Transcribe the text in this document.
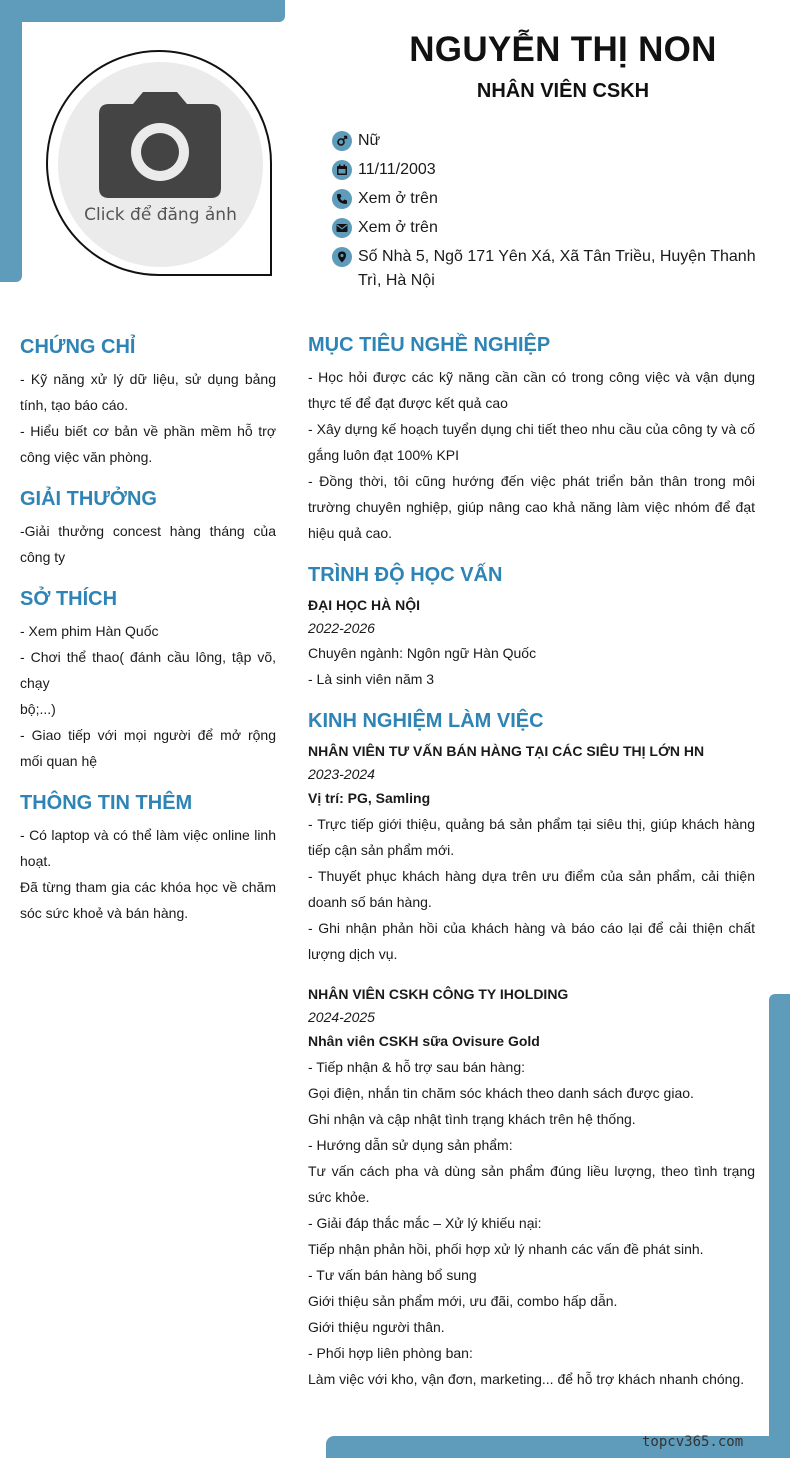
Click để đăng ảnh
NGUYỄN THỊ NON
NHÂN VIÊN CSKH
Nữ
11/11/2003
Xem ở trên
Xem ở trên
Số Nhà 5, Ngõ 171 Yên Xá, Xã Tân Triều, Huyện Thanh Trì, Hà Nội
CHỨNG CHỈ

- Kỹ năng xử lý dữ liệu, sử dụng bảng tính, tạo báo cáo.

- Hiểu biết cơ bản về phần mềm hỗ trợ công việc văn phòng.

GIẢI THƯỞNG

-Giải thưởng concest hàng tháng của công ty

SỞ THÍCH

- Xem phim Hàn Quốc

- Chơi thể thao( đánh cầu lông, tập võ, chạy

bộ;...)

- Giao tiếp với mọi người để mở rộng mối quan hệ

THÔNG TIN THÊM

- Có laptop và có thể làm việc online linh hoạt.

Đã từng tham gia các khóa học về chăm sóc sức khoẻ và bán hàng.

MỤC TIÊU NGHỀ NGHIỆP

- Học hỏi được các kỹ năng cần cần có trong công việc và vận dụng thực tế để đạt được kết quả cao

- Xây dựng kế hoạch tuyển dụng chi tiết theo nhu cầu của công ty và cố gắng luôn đạt 100% KPI

- Đồng thời, tôi cũng hướng đến việc phát triển bản thân trong môi trường chuyên nghiệp, giúp nâng cao khả năng làm việc nhóm để đạt hiệu quả cao.

TRÌNH ĐỘ HỌC VẤN

ĐẠI HỌC HÀ NỘI

2022-2026

Chuyên ngành: Ngôn ngữ Hàn Quốc

- Là sinh viên năm 3

KINH NGHIỆM LÀM VIỆC

NHÂN VIÊN TƯ VẤN BÁN HÀNG TẠI CÁC SIÊU THỊ LỚN HN

2023-2024

Vị trí: PG, Samling

- Trực tiếp giới thiệu, quảng bá sản phẩm tại siêu thị, giúp khách hàng tiếp cận sản phẩm mới.

- Thuyết phục khách hàng dựa trên ưu điểm của sản phẩm, cải thiện doanh số bán hàng.

- Ghi nhận phản hồi của khách hàng và báo cáo lại để cải thiện chất lượng dịch vụ.

NHÂN VIÊN CSKH CÔNG TY IHOLDING

2024-2025

Nhân viên CSKH sữa Ovisure Gold

- Tiếp nhận & hỗ trợ sau bán hàng:

Gọi điện, nhắn tin chăm sóc khách theo danh sách được giao.

Ghi nhận và cập nhật tình trạng khách trên hệ thống.

- Hướng dẫn sử dụng sản phẩm:

Tư vấn cách pha và dùng sản phẩm đúng liều lượng, theo tình trạng sức khỏe.

- Giải đáp thắc mắc – Xử lý khiếu nại:

Tiếp nhận phản hồi, phối hợp xử lý nhanh các vấn đề phát sinh.

- Tư vấn bán hàng bổ sung

Giới thiệu sản phẩm mới, ưu đãi, combo hấp dẫn.

Giới thiệu người thân.

- Phối hợp liên phòng ban:

Làm việc với kho, vận đơn, marketing... để hỗ trợ khách nhanh chóng.

topcv365.com
